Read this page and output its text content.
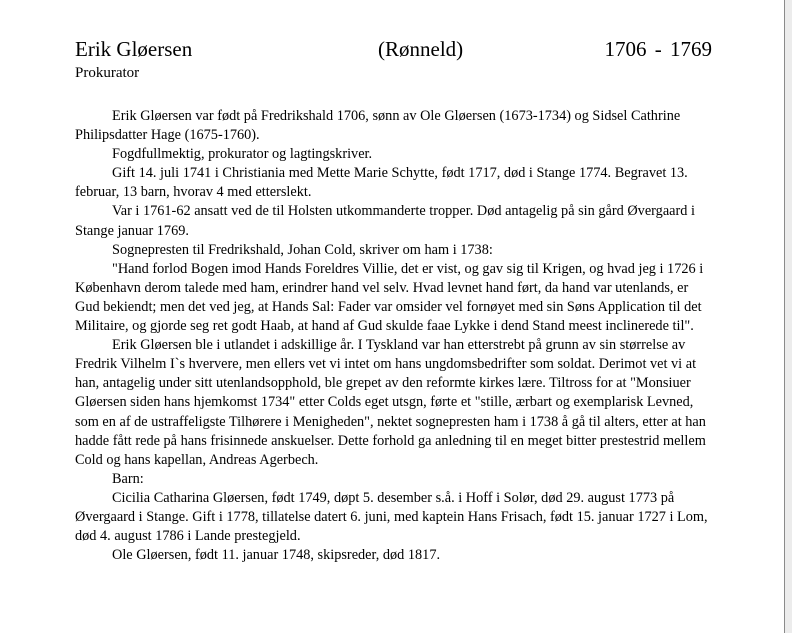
Erik Gløersen	(Rønneld)	1706 - 1769
Prokurator

Erik Gløersen var født på Fredrikshald 1706, sønn av Ole Gløersen (1673-1734) og Sidsel Cathrine Philipsdatter Hage (1675-1760).

Fogdfullmektig, prokurator og lagtingskriver.

Gift 14. juli 1741 i Christiania med Mette Marie Schytte, født 1717, død i Stange 1774. Begravet 13. februar, 13 barn, hvorav 4 med etterslekt.

Var i 1761-62 ansatt ved de til Holsten utkommanderte tropper. Død antagelig på sin gård Øvergaard i Stange januar 1769.

Sognepresten til Fredrikshald, Johan Cold, skriver om ham i 1738:

"Hand forlod Bogen imod Hands Foreldres Villie, det er vist, og gav sig til Krigen, og hvad jeg i 1726 i København derom talede med ham, erindrer hand vel selv. Hvad levnet hand ført, da hand var utenlands, er Gud bekiendt; men det ved jeg, at Hands Sal: Fader var omsider vel fornøyet med sin Søns Application til det Militaire, og gjorde seg ret godt Haab, at hand af Gud skulde faae Lykke i dend Stand meest inclinerede til".

Erik Gløersen ble i utlandet i adskillige år. I Tyskland var han etterstrebt på grunn av sin størrelse av Fredrik Vilhelm I`s hververe, men ellers vet vi intet om hans ungdomsbedrifter som soldat. Derimot vet vi at han, antagelig under sitt utenlandsopphold, ble grepet av den reformte kirkes lære. Tiltross for at "Monsiuer Gløersen siden hans hjemkomst 1734" etter Colds eget utsgn, førte et "stille, ærbart og exemplarisk Levned, som en af de ustraffeligste Tilhørere i Menigheden", nektet sognepresten ham i 1738 å gå til alters, etter at han hadde fått rede på hans frisinnede anskuelser. Dette forhold ga anledning til en meget bitter prestestrid mellem Cold og hans kapellan, Andreas Agerbech.

Barn:

Cicilia Catharina Gløersen, født 1749, døpt 5. desember s.å. i Hoff i Solør, død 29. august 1773 på Øvergaard i Stange. Gift i 1778, tillatelse datert 6. juni, med kaptein Hans Frisach, født 15. januar 1727 i Lom, død 4. august 1786 i Lande prestegjeld.

Ole Gløersen, født 11. januar 1748, skipsreder, død 1817.
